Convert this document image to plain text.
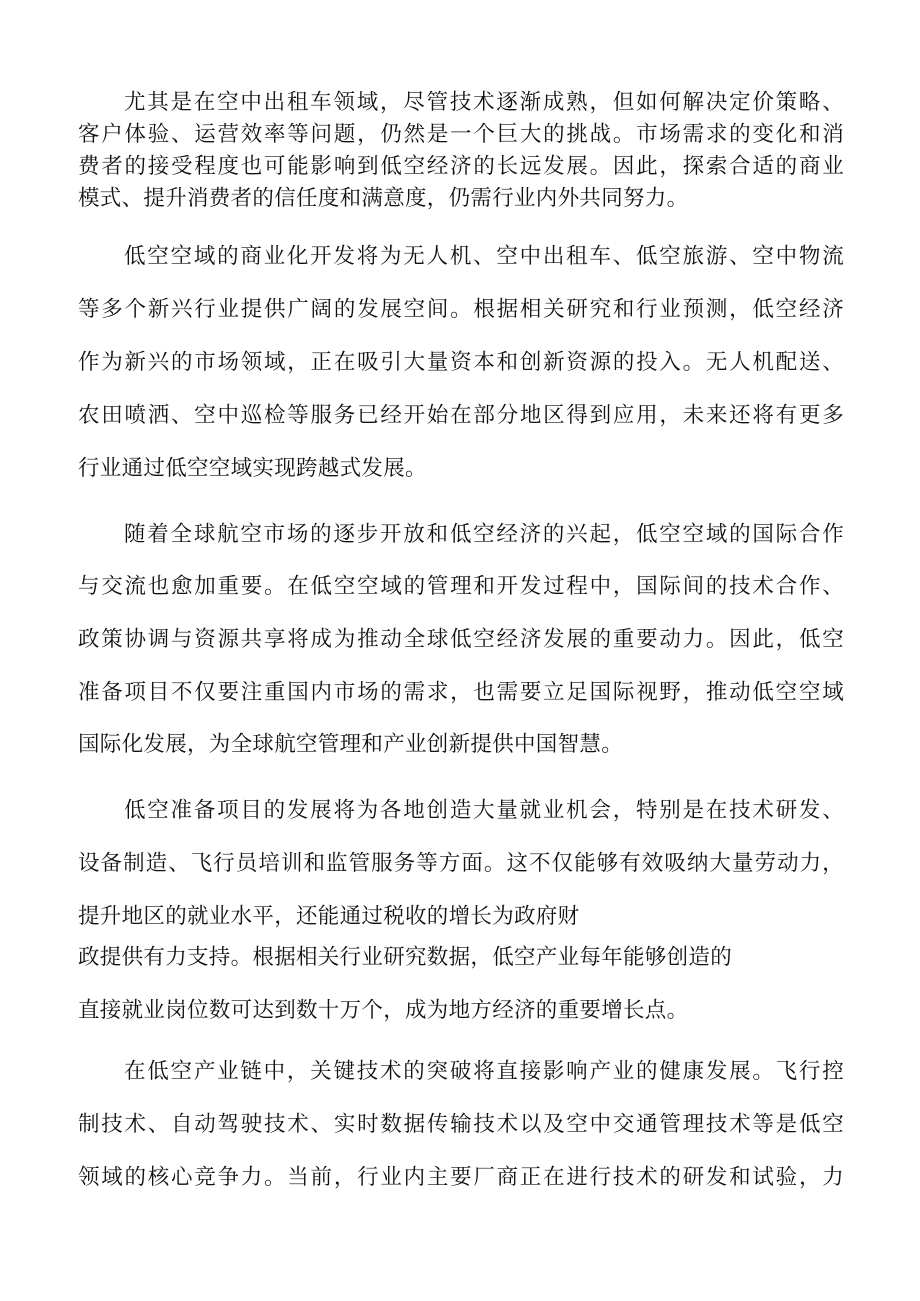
尤其是在空中出租车领域，尽管技术逐渐成熟，但如何解决定价策略、
客户体验、运营效率等问题，仍然是一个巨大的挑战。市场需求的变化和消
费者的接受程度也可能影响到低空经济的长远发展。因此，探索合适的商业
模式、提升消费者的信任度和满意度，仍需行业内外共同努力。
低空空域的商业化开发将为无人机、空中出租车、低空旅游、空中物流
等多个新兴行业提供广阔的发展空间。根据相关研究和行业预测，低空经济
作为新兴的市场领域，正在吸引大量资本和创新资源的投入。无人机配送、
农田喷洒、空中巡检等服务已经开始在部分地区得到应用，未来还将有更多
行业通过低空空域实现跨越式发展。
随着全球航空市场的逐步开放和低空经济的兴起，低空空域的国际合作
与交流也愈加重要。在低空空域的管理和开发过程中，国际间的技术合作、
政策协调与资源共享将成为推动全球低空经济发展的重要动力。因此，低空
准备项目不仅要注重国内市场的需求，也需要立足国际视野，推动低空空域
国际化发展，为全球航空管理和产业创新提供中国智慧。
低空准备项目的发展将为各地创造大量就业机会，特别是在技术研发、
设备制造、飞行员培训和监管服务等方面。这不仅能够有效吸纳大量劳动力，
提升地区的就业水平，还能通过税收的增长为政府财
政提供有力支持。根据相关行业研究数据，低空产业每年能够创造的
直接就业岗位数可达到数十万个，成为地方经济的重要增长点。
在低空产业链中，关键技术的突破将直接影响产业的健康发展。飞行控
制技术、自动驾驶技术、实时数据传输技术以及空中交通管理技术等是低空
领域的核心竞争力。当前，行业内主要厂商正在进行技术的研发和试验，力
